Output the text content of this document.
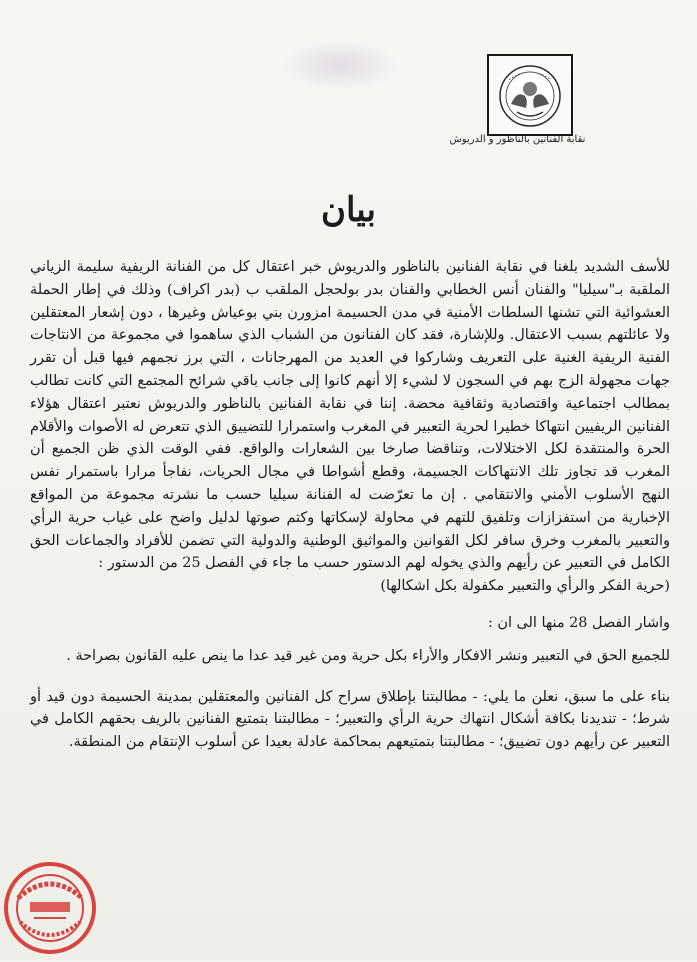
نقابة الفنانين بالناظور و الدريوش
بيان

للأسف الشديد بلغنا في نقابة الفنانين بالناظور والدريوش خبر اعتقال كل من الفنانة الريفية سليمة الزياني الملقبة بـ"سيليا" والفنان أنس الخطابي والفنان بدر بولحجل الملقب ب (بدر اكراف) وذلك في إطار الحملة العشوائية التي تشنها السلطات الأمنية في مدن الحسيمة امزورن بني بوعياش وغيرها ، دون إشعار المعتقلين ولا عائلتهم بسبب الاعتقال. وللإشارة، فقد كان الفنانون من الشباب الذي ساهموا في مجموعة من الانتاجات الفنية الريفية الغنية على التعريف وشاركوا في العديد من المهرجانات ، التي برز نجمهم فيها قبل أن تقرر جهات مجهولة الزج بهم في السجون لا لشيء إلا أنهم كانوا إلى جانب باقي شرائح المجتمع التي كانت تطالب بمطالب اجتماعية واقتصادية وثقافية محضة. إننا في نقابة الفنانين بالناظور والدريوش نعتبر اعتقال هؤلاء الفنانين الريفيين انتهاكا خطيرا لحرية التعبير في المغرب واستمرارا للتضييق الذي تتعرض له الأصوات والأقلام الحرة والمنتقدة لكل الاختلالات، وتناقضا صارخا بين الشعارات والواقع. ففي الوقت الذي ظن الجميع أن المغرب قد تجاوز تلك الانتهاكات الجسيمة، وقطع أشواطا في مجال الحريات، نفاجأ مرارا باستمرار نفس النهج الأسلوب الأمني والانتقامي . إن ما تعرّضت له الفنانة سيليا حسب ما نشرته مجموعة من المواقع الإخبارية من استفزازات وتلفيق للتهم في محاولة لإسكاتها وكتم صوتها لدليل واضح على غياب حرية الرأي والتعبير بالمغرب وخرق سافر لكل القوانين والمواثيق الوطنية والدولية التي تضمن للأفراد والجماعات الحق الكامل في التعبير عن رأيهم والذي يخوله لهم الدستور حسب ما جاء في الفصل 25 من الدستور :

(حرية الفكر والرأي والتعبير مكفولة بكل اشكالها)

واشار الفصل 28 منها الى ان :

للجميع الحق في التعبير ونشر الافكار والأراء بكل حرية ومن غير قيد عدا ما ينص عليه القانون بصراحة .

بناء على ما سبق، نعلن ما يلي: - مطالبتنا بإطلاق سراح كل الفنانين والمعتقلين بمدينة الحسيمة دون قيد أو شرط؛ - تنديدنا بكافة أشكال انتهاك حرية الرأي والتعبير؛ - مطالبتنا بتمتيع الفنانين بالريف بحقهم الكامل في التعبير عن رأيهم دون تضييق؛ - مطالبتنا بتمتيعهم بمحاكمة عادلة بعيدا عن أسلوب الإنتقام من المنطقة.
